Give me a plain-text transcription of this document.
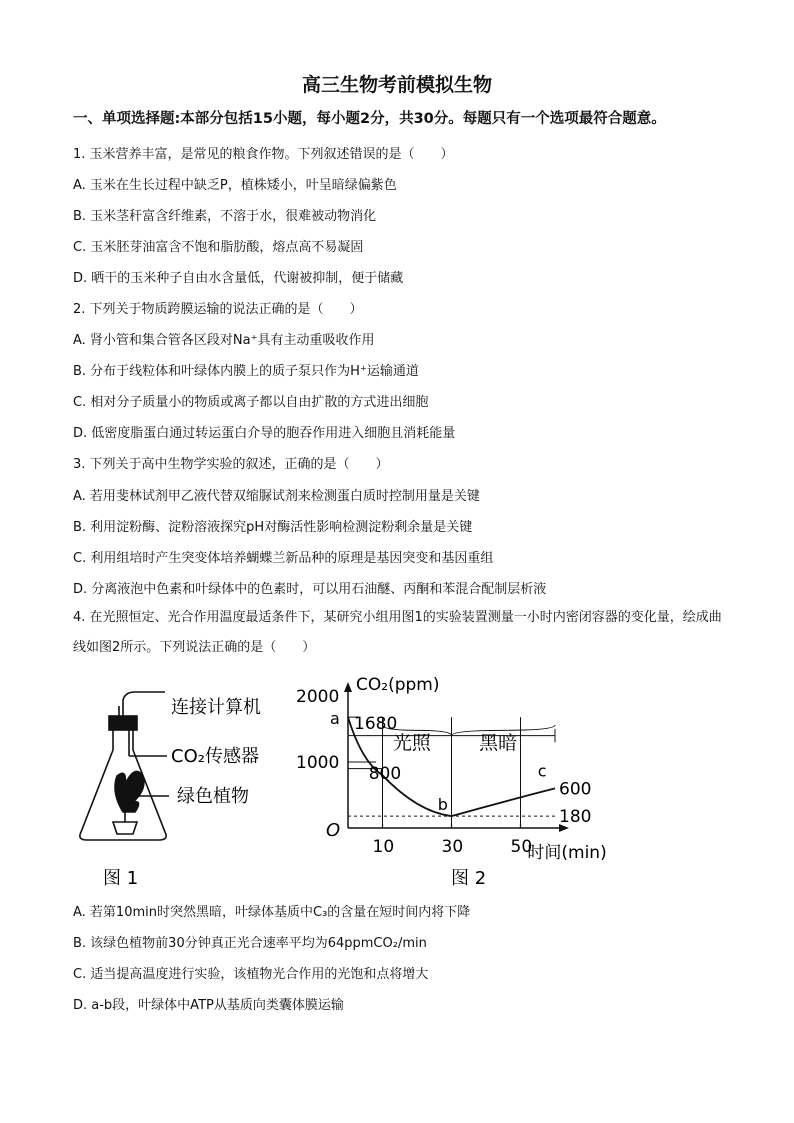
高三生物考前模拟生物
一、单项选择题:本部分包括15小题，每小题2分，共30分。每题只有一个选项最符合题意。
1. 玉米营养丰富，是常见的粮食作物。下列叙述错误的是（　　）
A. 玉米在生长过程中缺乏P，植株矮小，叶呈暗绿偏紫色
B. 玉米茎秆富含纤维素，不溶于水，很难被动物消化
C. 玉米胚芽油富含不饱和脂肪酸，熔点高不易凝固
D. 晒干的玉米种子自由水含量低，代谢被抑制，便于储藏
2. 下列关于物质跨膜运输的说法正确的是（　　）
A. 肾小管和集合管各区段对Na⁺具有主动重吸收作用
B. 分布于线粒体和叶绿体内膜上的质子泵只作为H⁺运输通道
C. 相对分子质量小的物质或离子都以自由扩散的方式进出细胞
D. 低密度脂蛋白通过转运蛋白介导的胞吞作用进入细胞且消耗能量
3. 下列关于高中生物学实验的叙述，正确的是（　　）
A. 若用斐林试剂甲乙液代替双缩脲试剂来检测蛋白质时控制用量是关键
B. 利用淀粉酶、淀粉溶液探究pH对酶活性影响检测淀粉剩余量是关键
C. 利用组培时产生突变体培养蝴蝶兰新品种的原理是基因突变和基因重组
D. 分离液泡中色素和叶绿体中的色素时，可以用石油醚、丙酮和苯混合配制层析液
4. 在光照恒定、光合作用温度最适条件下，某研究小组用图1的实验装置测量一小时内密闭容器的变化量，绘成曲线如图2所示。下列说法正确的是（　　）
连接计算机
CO₂传感器
绿色植物
图 1
2000
1000
O
10	30	50
时间(min)
CO₂(ppm)
a 1680
光照	黑暗
800
b
c
600
180
图 2
A. 若第10min时突然黑暗，叶绿体基质中C₃的含量在短时间内将下降
B. 该绿色植物前30分钟真正光合速率平均为64ppmCO₂/min
C. 适当提高温度进行实验，该植物光合作用的光饱和点将增大
D. a-b段，叶绿体中ATP从基质向类囊体膜运输
